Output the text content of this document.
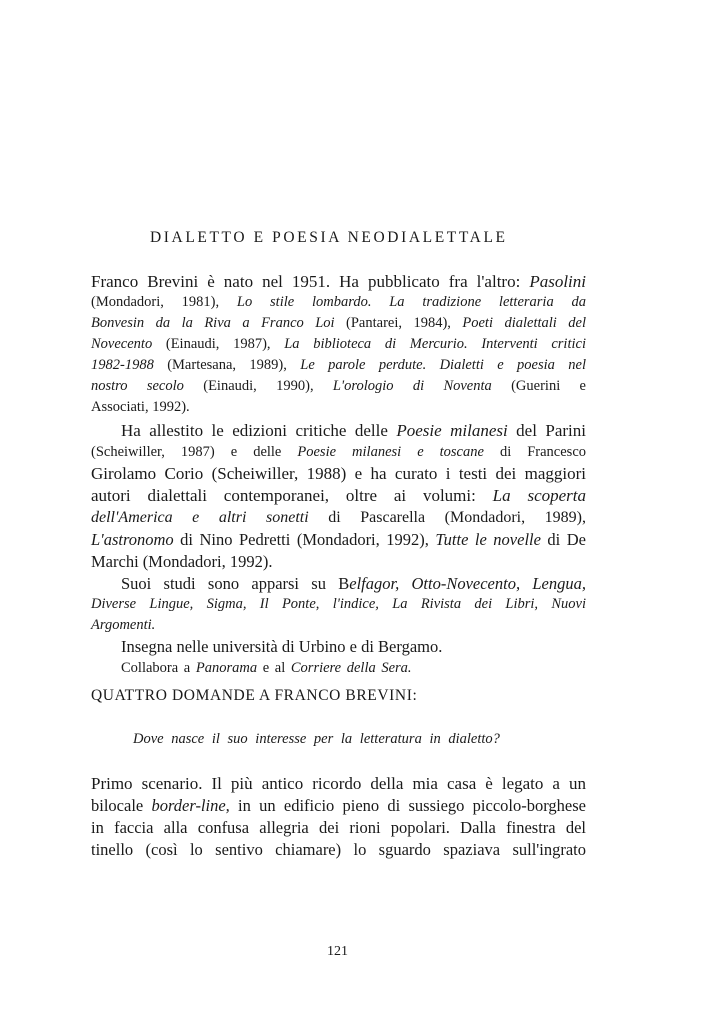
DIALETTO E POESIA NEODIALETTALE
Franco Brevini è nato nel 1951. Ha pubblicato fra l'altro: Pasolini
(Mondadori, 1981), Lo stile lombardo. La tradizione letteraria da
Bonvesin da la Riva a Franco Loi (Pantarei, 1984), Poeti dialettali del
Novecento (Einaudi, 1987), La biblioteca di Mercurio. Interventi critici
1982-1988 (Martesana, 1989), Le parole perdute. Dialetti e poesia nel
nostro secolo (Einaudi, 1990), L'orologio di Noventa (Guerini e
Associati, 1992).
Ha allestito le edizioni critiche delle Poesie milanesi del Parini
(Scheiwiller, 1987) e delle Poesie milanesi e toscane di Francesco
Girolamo Corio (Scheiwiller, 1988) e ha curato i testi dei maggiori
autori dialettali contemporanei, oltre ai volumi: La scoperta
dell'America e altri sonetti di Pascarella (Mondadori, 1989),
L'astronomo di Nino Pedretti (Mondadori, 1992), Tutte le novelle di De
Marchi (Mondadori, 1992).
Suoi studi sono apparsi su Belfagor, Otto-Novecento, Lengua,
Diverse Lingue, Sigma, Il Ponte, l'indice, La Rivista dei Libri, Nuovi
Argomenti.
Insegna nelle università di Urbino e di Bergamo.
Collabora a Panorama e al Corriere della Sera.
QUATTRO DOMANDE A FRANCO BREVINI:
Dove nasce il suo interesse per la letteratura in dialetto?
Primo scenario. Il più antico ricordo della mia casa è legato a un
bilocale border-line, in un edificio pieno di sussiego piccolo-borghese
in faccia alla confusa allegria dei rioni popolari. Dalla finestra del
tinello (così lo sentivo chiamare) lo sguardo spaziava sull'ingrato
121
